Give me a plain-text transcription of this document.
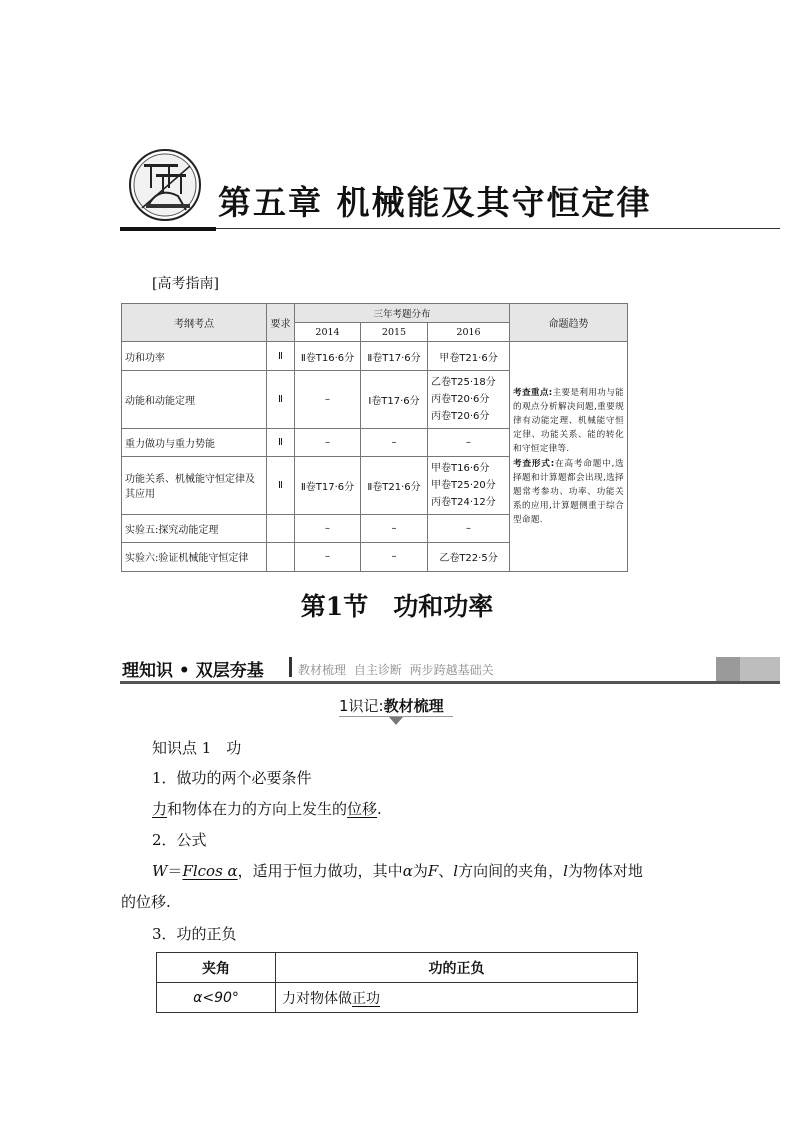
第五章 机械能及其守恒定律
[高考指南]
考纲考点	要求	三年考题分布			命题趋势
		2014	2015	2016	
功和功率	Ⅱ	Ⅱ卷T16·6分	Ⅱ卷T17·6分	甲卷T21·6分	考查重点:主要是利用功与能的观点分析解决问题,重要规律有动能定理、机械能守恒定律、功能关系、能的转化和守恒定律等.
考查形式:在高考命题中,选择题和计算题都会出现,选择题常考参功、功率、功能关系的应用,计算题侧重于综合型命题.
动能和动能定理	Ⅱ	–	Ⅰ卷T17·6分	乙卷T25·18分
丙卷T20·6分
丙卷T20·6分	

重力做功与重力势能	Ⅱ	–	–	–	
功能关系、机械能守恒定律及其应用	Ⅱ	Ⅱ卷T17·6分	Ⅱ卷T21·6分	甲卷T16·6分
甲卷T25·20分
丙卷T24·12分	

实验五:探究动能定理		–	–	–	
实验六:验证机械能守恒定律		–	–	乙卷T22·5分	
第1节　功和功率
理知识 • 双层夯基	教材梳理 自主诊断 两步跨越基础关
1识记:教材梳理
知识点 1　功
1．做功的两个必要条件
力和物体在力的方向上发生的位移.
2．公式
W＝Flcos α，适用于恒力做功，其中α为F、l方向间的夹角，l为物体对地
的位移.
3．功的正负
夹角	功的正负
α<90°	力对物体做正功
